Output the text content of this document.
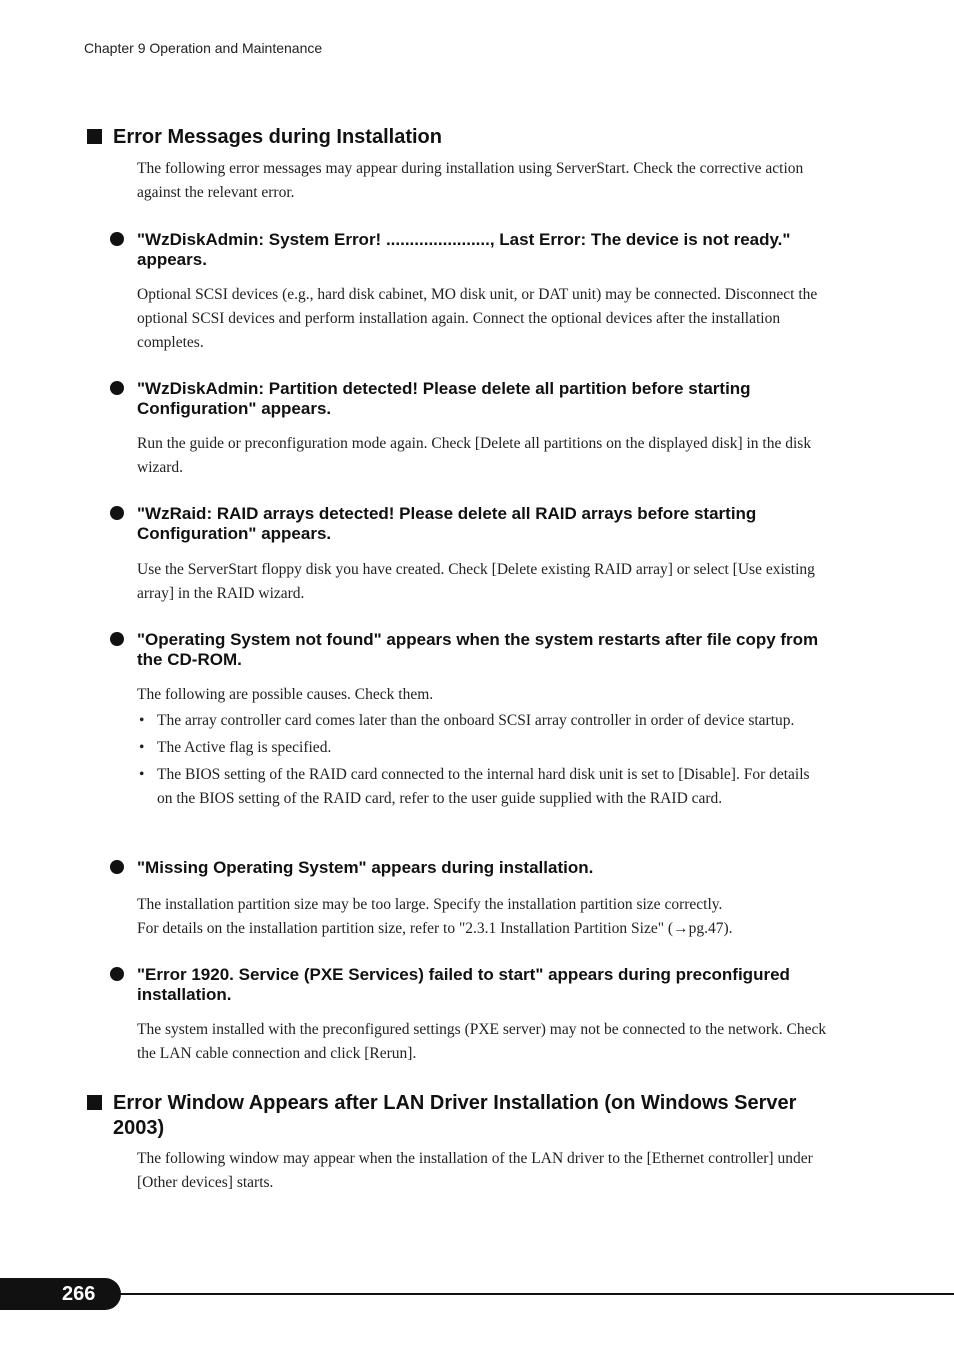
Chapter 9 Operation and Maintenance
Error Messages during Installation

The following error messages may appear during installation using ServerStart. Check the corrective action against the relevant error.

"WzDiskAdmin: System Error! ......................, Last Error: The device is not ready." appears.

Optional SCSI devices (e.g., hard disk cabinet, MO disk unit, or DAT unit) may be connected. Disconnect the optional SCSI devices and perform installation again. Connect the optional devices after the installation completes.

"WzDiskAdmin: Partition detected! Please delete all partition before starting Configuration" appears.

Run the guide or preconfiguration mode again. Check [Delete all partitions on the displayed disk] in the disk wizard.

"WzRaid: RAID arrays detected! Please delete all RAID arrays before starting Configuration" appears.

Use the ServerStart floppy disk you have created. Check [Delete existing RAID array] or select [Use existing array] in the RAID wizard.

"Operating System not found" appears when the system restarts after file copy from the CD-ROM.

The following are possible causes. Check them.

• The array controller card comes later than the onboard SCSI array controller in order of device startup.
• The Active flag is specified.
• The BIOS setting of the RAID card connected to the internal hard disk unit is set to [Disable]. For details on the BIOS setting of the RAID card, refer to the user guide supplied with the RAID card.
"Missing Operating System" appears during installation.

The installation partition size may be too large. Specify the installation partition size correctly.

For details on the installation partition size, refer to "2.3.1 Installation Partition Size" (→pg.47).

"Error 1920. Service (PXE Services) failed to start" appears during preconfigured installation.

The system installed with the preconfigured settings (PXE server) may not be connected to the network. Check the LAN cable connection and click [Rerun].

Error Window Appears after LAN Driver Installation (on Windows Server 2003)

The following window may appear when the installation of the LAN driver to the [Ethernet controller] under [Other devices] starts.

266
